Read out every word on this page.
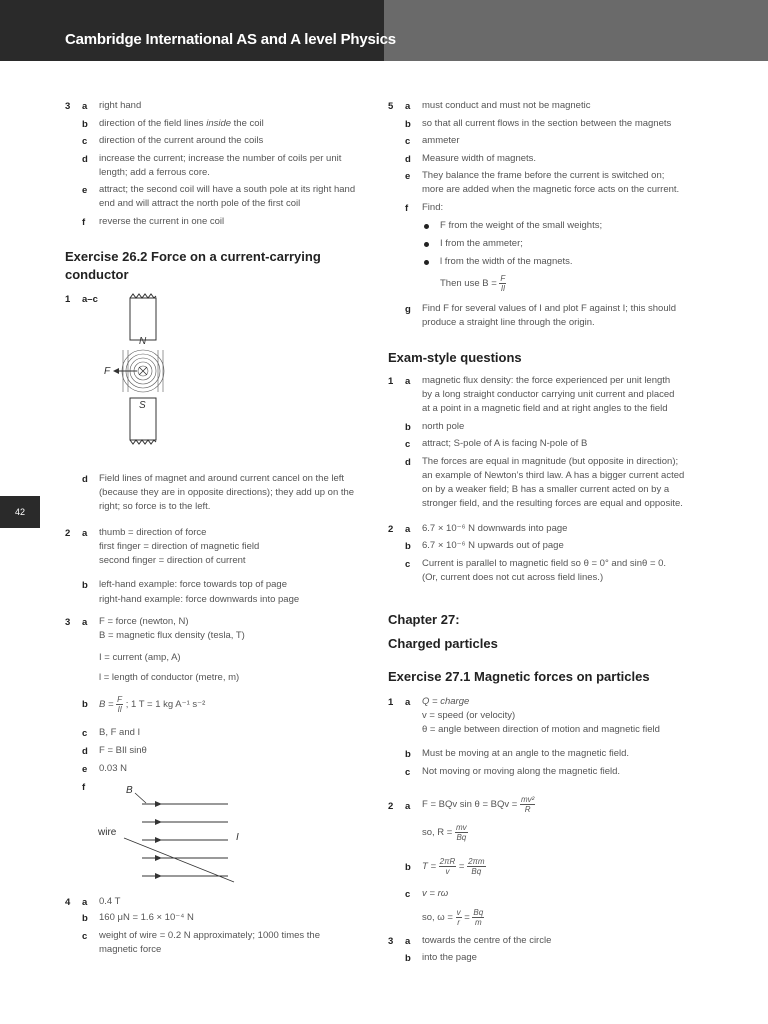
Cambridge International AS and A level Physics
42
3 a right hand
b direction of the field lines inside the coil
c direction of the current around the coils
d increase the current; increase the number of coils per unit
length; add a ferrous core.
e attract; the second coil will have a south pole at its right hand
end and will attract the north pole of the first coil
f reverse the current in one coil
Exercise 26.2 Force on a current-carrying
conductor
1 a–c
N
S
F
d Field lines of magnet and around current cancel on the left
(because they are in opposite directions); they add up on the
right; so force is to the left.
2 a thumb = direction of force
first finger = direction of magnetic field
second finger = direction of current
b left-hand example: force towards top of page
right-hand example: force downwards into page
3 a F = force (newton, N)
B = magnetic flux density (tesla, T)
I = current (amp, A)
l = length of conductor (metre, m)
b $B = \frac{F}{Il}$ ; 1 T = 1 kg A⁻¹ s⁻²
c B, F and I
d F = BIl sinθ
e 0.03 N
f	B
wire	I
4 a 0.4 T
b 160 μN = 1.6 × 10⁻⁴ N
c weight of wire = 0.2 N approximately; 1000 times the
magnetic force
5 a must conduct and must not be magnetic
b so that all current flows in the section between the magnets
c ammeter
d Measure width of magnets.
e They balance the frame before the current is switched on;
more are added when the magnetic force acts on the current.
f Find:
F from the weight of the small weights;
I from the ammeter;
l from the width of the magnets.
Then use $B = \frac{F}{Il}$
g Find F for several values of I and plot F against I; this should
produce a straight line through the origin.
Exam-style questions
1 a magnetic flux density: the force experienced per unit length
by a long straight conductor carrying unit current and placed
at a point in a magnetic field and at right angles to the field
b north pole
c attract; S-pole of A is facing N-pole of B
d The forces are equal in magnitude (but opposite in direction);
an example of Newton’s third law. A has a bigger current acted
on by a weaker field; B has a smaller current acted on by a
stronger field, and the resulting forces are equal and opposite.
2 a 6.7 × 10⁻⁶ N downwards into page
b 6.7 × 10⁻⁶ N upwards out of page
c Current is parallel to magnetic field so θ = 0° and sinθ = 0.
(Or, current does not cut across field lines.)
Chapter 27:
Charged particles
Exercise 27.1 Magnetic forces on particles
1 a Q = charge
v = speed (or velocity)
θ = angle between direction of motion and magnetic field
b Must be moving at an angle to the magnetic field.
c Not moving or moving along the magnetic field.
2 a F = BQv sin θ = BQv = $\frac{\text{mv²}}{R}$
so, $R = \frac{mv}{Bq}$
b $T = \frac{2\pi R}{v} = \frac{2\pi m}{Bq}$
c v = rω
so, $\omega = \frac{v}{r} = \frac{Bq}{m}$
3 a towards the centre of the circle
b into the page
